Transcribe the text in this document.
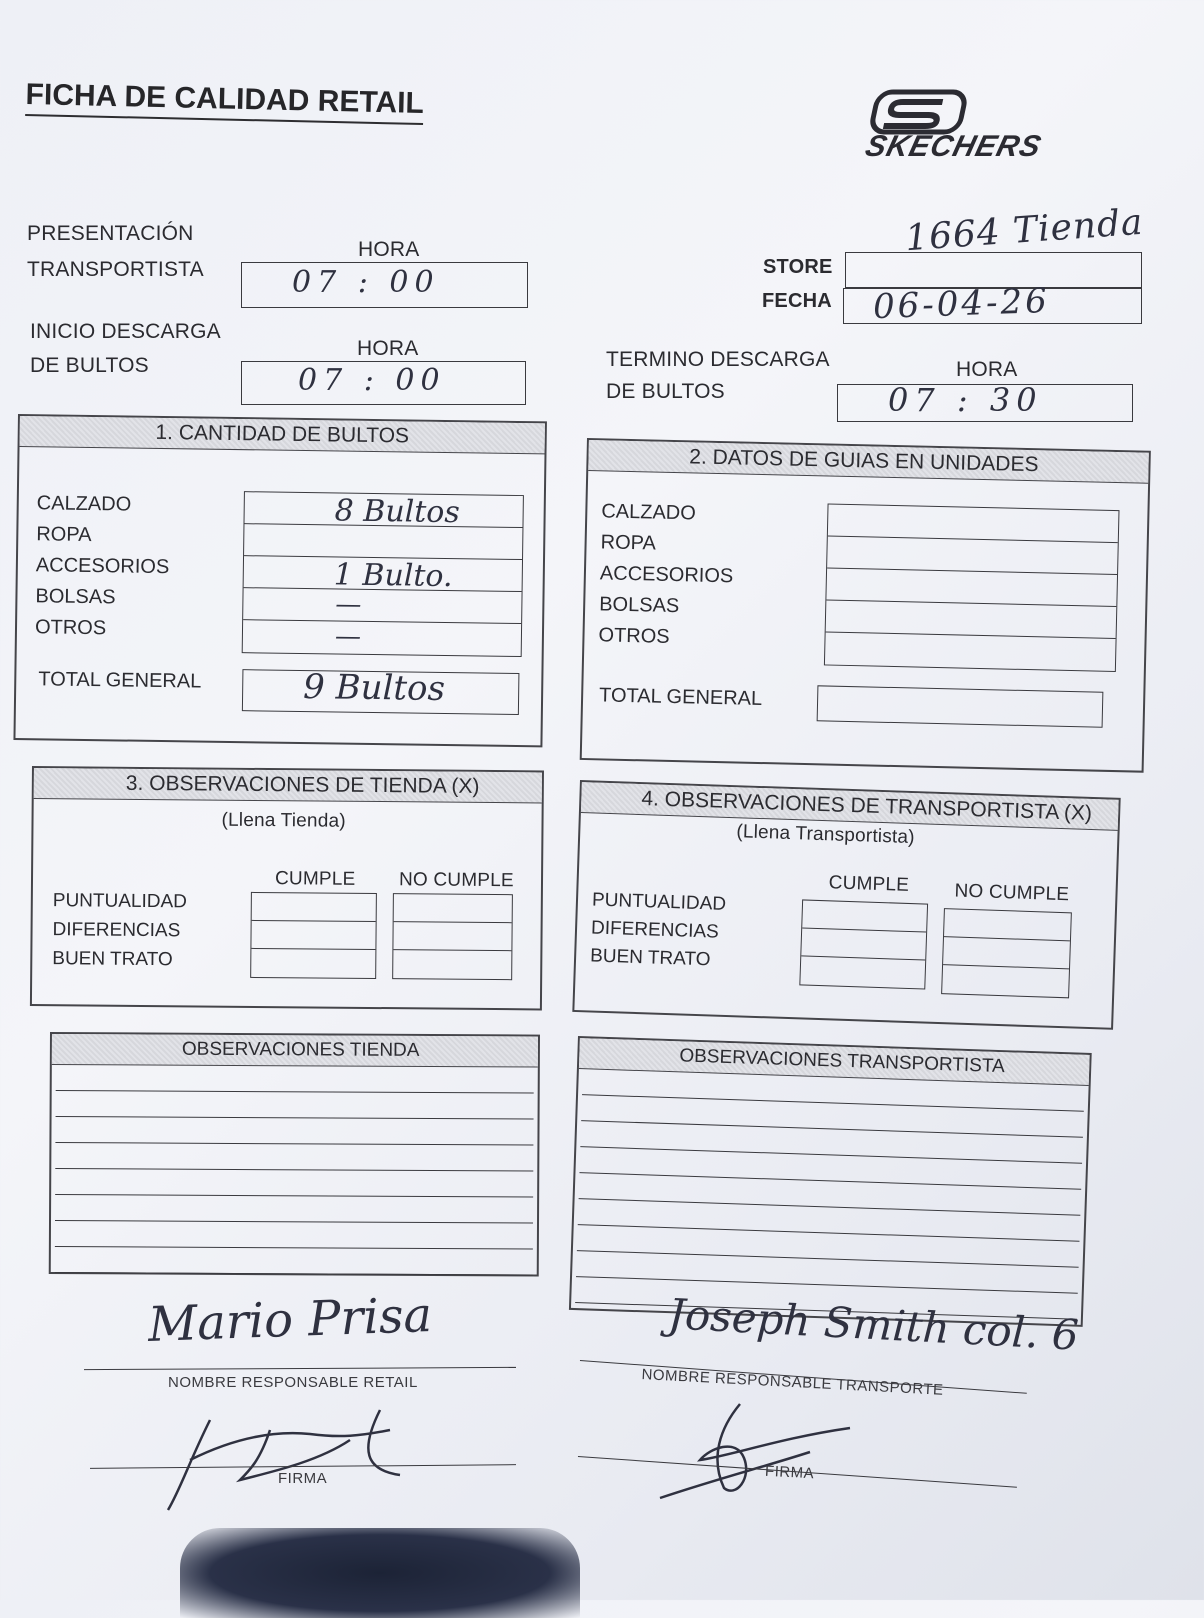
FICHA DE CALIDAD RETAIL
SKECHERS
PRESENTACIÓN
TRANSPORTISTA
HORA
07 : 00
INICIO DESCARGA
DE BULTOS
HORA
07 : 00
STORE
FECHA
1664 Tienda
06-04-26
TERMINO DESCARGA
DE BULTOS
HORA
07 : 30
1. CANTIDAD DE BULTOS
CALZADO
ROPA
ACCESORIOS
BOLSAS
OTROS
8 Bultos
1 Bulto.
—
—
TOTAL GENERAL	9 Bultos
2. DATOS DE GUIAS EN UNIDADES
CALZADO
ROPA
ACCESORIOS
BOLSAS
OTROS
TOTAL GENERAL
3. OBSERVACIONES DE TIENDA (X)
(Llena Tienda)
CUMPLE NO CUMPLE
PUNTUALIDAD
DIFERENCIAS
BUEN TRATO
4. OBSERVACIONES DE TRANSPORTISTA (X)
(Llena Transportista)
CUMPLE NO CUMPLE
PUNTUALIDAD
DIFERENCIAS
BUEN TRATO
OBSERVACIONES TIENDA	OBSERVACIONES TRANSPORTISTA
Mario Prisa
NOMBRE RESPONSABLE RETAIL
FIRMA
Joseph Smith col. 6
NOMBRE RESPONSABLE TRANSPORTE
FIRMA
